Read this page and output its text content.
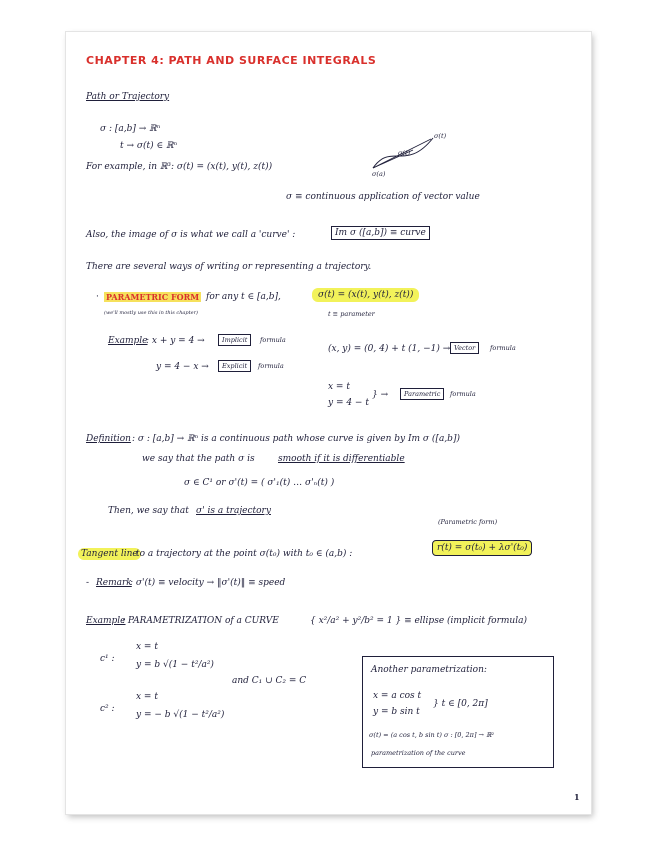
CHAPTER 4: PATH AND SURFACE INTEGRALS
Path or Trajectory
σ : [a,b] → ℝⁿ
t → σ(t) ∈ ℝⁿ
For example, in ℝ³: σ(t) = (x(t), y(t), z(t))
σ(t)
σ(t)
σ(a)
σ ≡ continuous application of vector value
Also, the image of σ is what we call a 'curve' :	Im σ ([a,b]) ≡ curve
There are several ways of writing or representing a trajectory.
· PARAMETRIC FORM for any t ∈ [a,b],	σ(t) = (x(t), y(t), z(t))
(we'll mostly use this in this chapter)	t ≡ parameter
Example
: x + y = 4 →	Implicit	formula
y = 4 − x →	Explicit	formula
(x, y) = (0, 4) + t (1, −1) → Vector	formula
x = t
y = 4 − t
} →	Parametric	formula
Definition : σ : [a,b] → ℝⁿ is a continuous path whose curve is given by Im σ ([a,b])
we say that the path σ is	smooth if it is differentiable
σ ∈ C¹ or σ'(t) = ( σ'₁(t) … σ'ₙ(t) )
Then, we say that σ' is a trajectory
(Parametric form)
Tangent line
to a trajectory at the point σ(t₀) with t₀ ∈ (a,b) :
r(t) = σ(t₀) + λσ'(t₀)
- Remark
: σ'(t) ≡ velocity → ‖σ'(t)‖ ≡ speed
Example
: PARAMETRIZATION of a CURVE	{ x²/a² + y²/b² = 1 } ≡ ellipse (implicit formula)
c¹ :
x = t
y = b √(1 − t²/a²)
and C₁ ∪ C₂ = C
c² :
x = t
y = − b √(1 − t²/a²)
Another parametrization:
x = a cos t
y = b sin t
} t ∈ [0, 2π]
σ(t) = (a cos t, b sin t) σ : [0, 2π] → ℝ²
parametrization of the curve
1
